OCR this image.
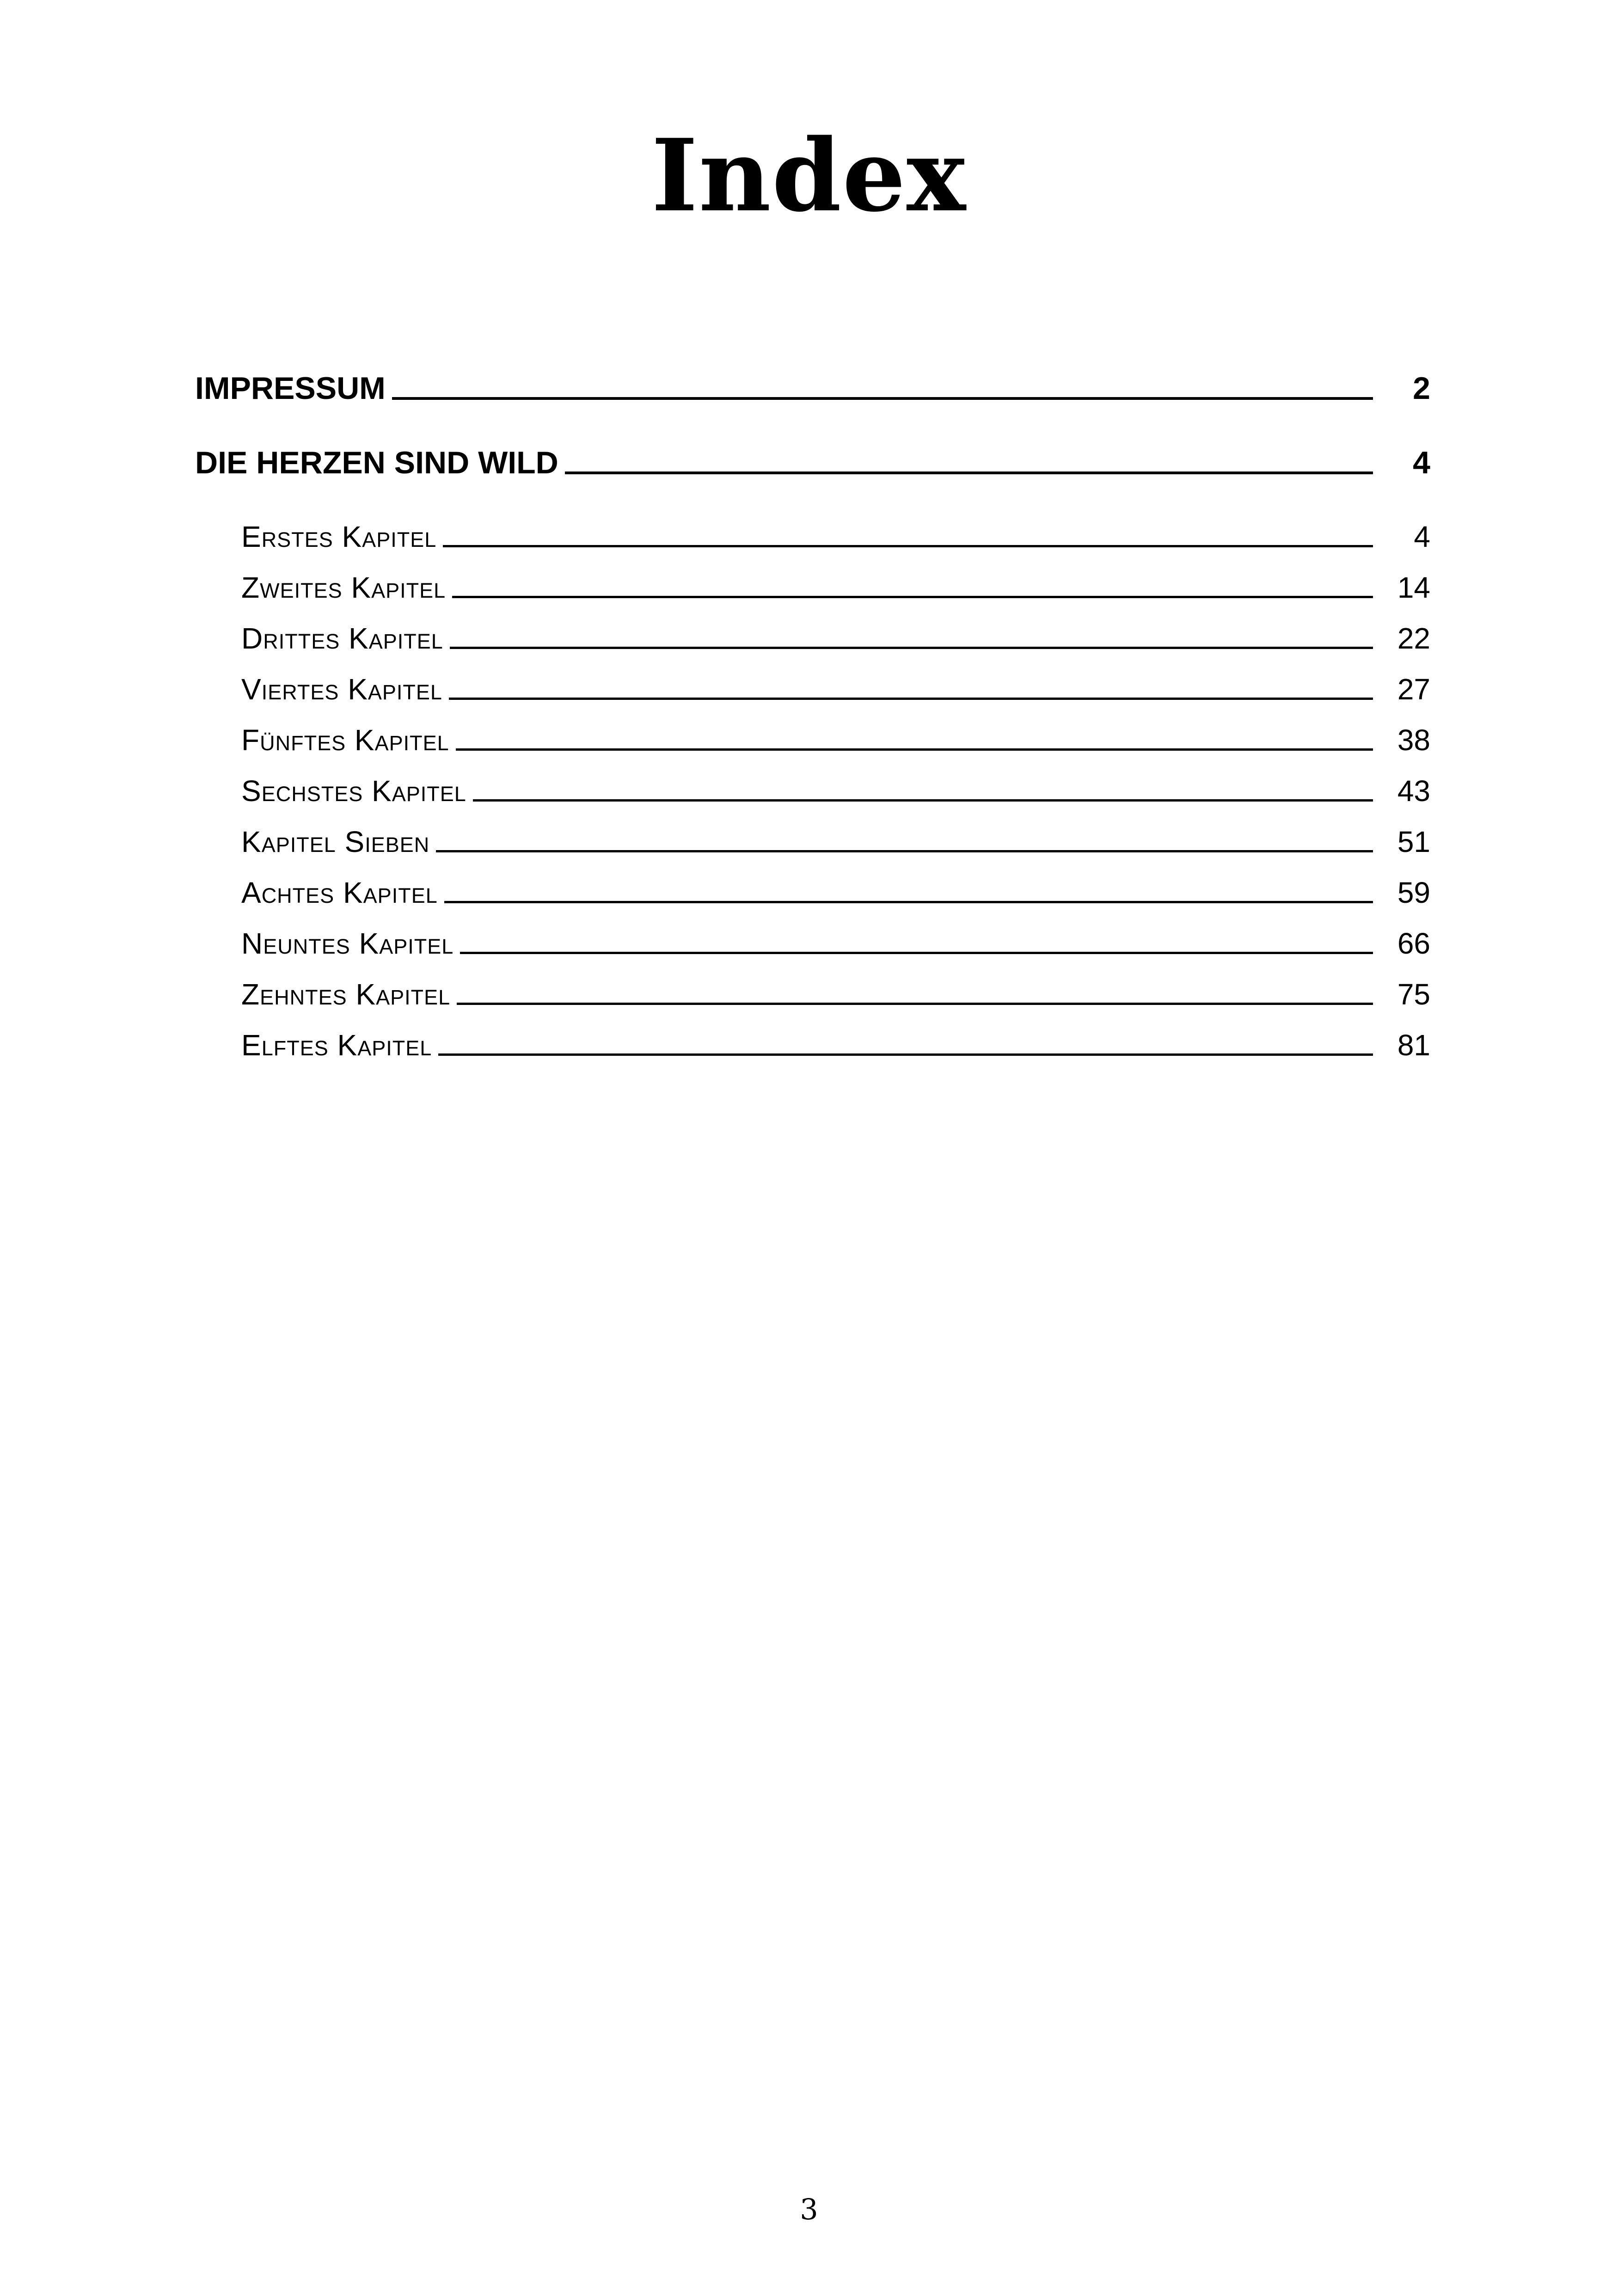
Index
IMPRESSUM	2
DIE HERZEN SIND WILD	4
Erstes Kapitel	4
Zweites Kapitel	14
Drittes Kapitel	22
Viertes Kapitel	27
Fünftes Kapitel	38
Sechstes Kapitel	43
Kapitel Sieben	51
Achtes Kapitel	59
Neuntes Kapitel	66
Zehntes Kapitel	75
Elftes Kapitel	81
3
